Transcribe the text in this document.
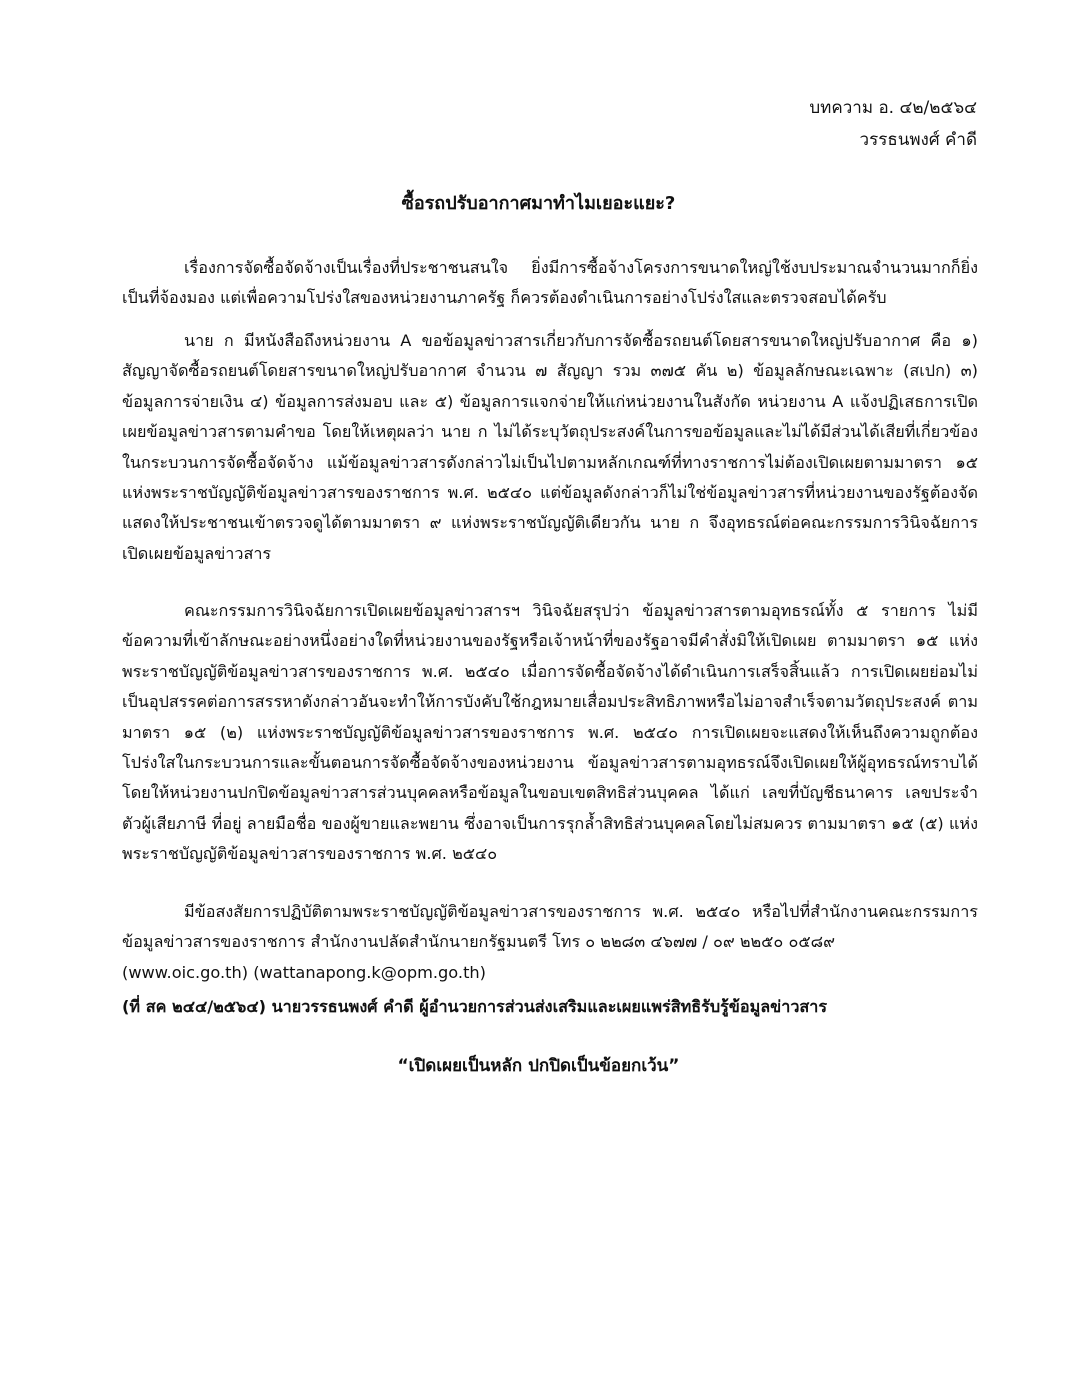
บทความ อ. ๔๒/๒๕๖๔
วรรธนพงศ์ คำดี
ซื้อรถปรับอากาศมาทำไมเยอะแยะ?

เรื่องการจัดซื้อจัดจ้างเป็นเรื่องที่ประชาชนสนใจ ยิ่งมีการซื้อจ้างโครงการขนาดใหญ่ใช้งบประมาณจำนวนมากก็ยิ่งเป็นที่จ้องมอง แต่เพื่อความโปร่งใสของหน่วยงานภาครัฐ ก็ควรต้องดำเนินการอย่างโปร่งใสและตรวจสอบได้ครับ

นาย ก มีหนังสือถึงหน่วยงาน A ขอข้อมูลข่าวสารเกี่ยวกับการจัดซื้อรถยนต์โดยสารขนาดใหญ่ปรับอากาศ คือ ๑) สัญญาจัดซื้อรถยนต์โดยสารขนาดใหญ่ปรับอากาศ จำนวน ๗ สัญญา รวม ๓๗๕ คัน ๒) ข้อมูลลักษณะเฉพาะ (สเปก) ๓) ข้อมูลการจ่ายเงิน ๔) ข้อมูลการส่งมอบ และ ๕) ข้อมูลการแจกจ่ายให้แก่หน่วยงานในสังกัด หน่วยงาน A แจ้งปฏิเสธการเปิดเผยข้อมูลข่าวสารตามคำขอ โดยให้เหตุผลว่า นาย ก ไม่ได้ระบุวัตถุประสงค์ในการขอข้อมูลและไม่ได้มีส่วนได้เสียที่เกี่ยวข้องในกระบวนการจัดซื้อจัดจ้าง แม้ข้อมูลข่าวสารดังกล่าวไม่เป็นไปตามหลักเกณฑ์ที่ทางราชการไม่ต้องเปิดเผยตามมาตรา ๑๕ แห่งพระราชบัญญัติข้อมูลข่าวสารของราชการ พ.ศ. ๒๕๔๐ แต่ข้อมูลดังกล่าวก็ไม่ใช่ข้อมูลข่าวสารที่หน่วยงานของรัฐต้องจัดแสดงให้ประชาชนเข้าตรวจดูได้ตามมาตรา ๙ แห่งพระราชบัญญัติเดียวกัน นาย ก จึงอุทธรณ์ต่อคณะกรรมการวินิจฉัยการเปิดเผยข้อมูลข่าวสาร

คณะกรรมการวินิจฉัยการเปิดเผยข้อมูลข่าวสารฯ วินิจฉัยสรุปว่า ข้อมูลข่าวสารตามอุทธรณ์ทั้ง ๕ รายการ ไม่มีข้อความที่เข้าลักษณะอย่างหนึ่งอย่างใดที่หน่วยงานของรัฐหรือเจ้าหน้าที่ของรัฐอาจมีคำสั่งมิให้เปิดเผย ตามมาตรา ๑๕ แห่งพระราชบัญญัติข้อมูลข่าวสารของราชการ พ.ศ. ๒๕๔๐ เมื่อการจัดซื้อจัดจ้างได้ดำเนินการเสร็จสิ้นแล้ว การเปิดเผยย่อมไม่เป็นอุปสรรคต่อการสรรหาดังกล่าวอันจะทำให้การบังคับใช้กฎหมายเสื่อมประสิทธิภาพหรือไม่อาจสำเร็จตามวัตถุประสงค์ ตามมาตรา ๑๕ (๒) แห่งพระราชบัญญัติข้อมูลข่าวสารของราชการ พ.ศ. ๒๕๔๐ การเปิดเผยจะแสดงให้เห็นถึงความถูกต้องโปร่งใสในกระบวนการและขั้นตอนการจัดซื้อจัดจ้างของหน่วยงาน ข้อมูลข่าวสารตามอุทธรณ์จึงเปิดเผยให้ผู้อุทธรณ์ทราบได้ โดยให้หน่วยงานปกปิดข้อมูลข่าวสารส่วนบุคคลหรือข้อมูลในขอบเขตสิทธิส่วนบุคคล ได้แก่ เลขที่บัญชีธนาคาร เลขประจำตัวผู้เสียภาษี ที่อยู่ ลายมือชื่อ ของผู้ขายและพยาน ซึ่งอาจเป็นการรุกล้ำสิทธิส่วนบุคคลโดยไม่สมควร ตามมาตรา ๑๕ (๕) แห่งพระราชบัญญัติข้อมูลข่าวสารของราชการ พ.ศ. ๒๕๔๐

มีข้อสงสัยการปฏิบัติตามพระราชบัญญัติข้อมูลข่าวสารของราชการ พ.ศ. ๒๕๔๐ หรือไปที่สำนักงานคณะกรรมการข้อมูลข่าวสารของราชการ สำนักงานปลัดสำนักนายกรัฐมนตรี โทร ๐ ๒๒๘๓ ๔๖๗๗ / ๐๙ ๒๒๕๐ ๐๕๘๙

(www.oic.go.th) (wattanapong.k@opm.go.th)
(ที่ สค ๒๔๔/๒๕๖๔) นายวรรธนพงศ์ คำดี ผู้อำนวยการส่วนส่งเสริมและเผยแพร่สิทธิรับรู้ข้อมูลข่าวสาร
“เปิดเผยเป็นหลัก ปกปิดเป็นข้อยกเว้น”
